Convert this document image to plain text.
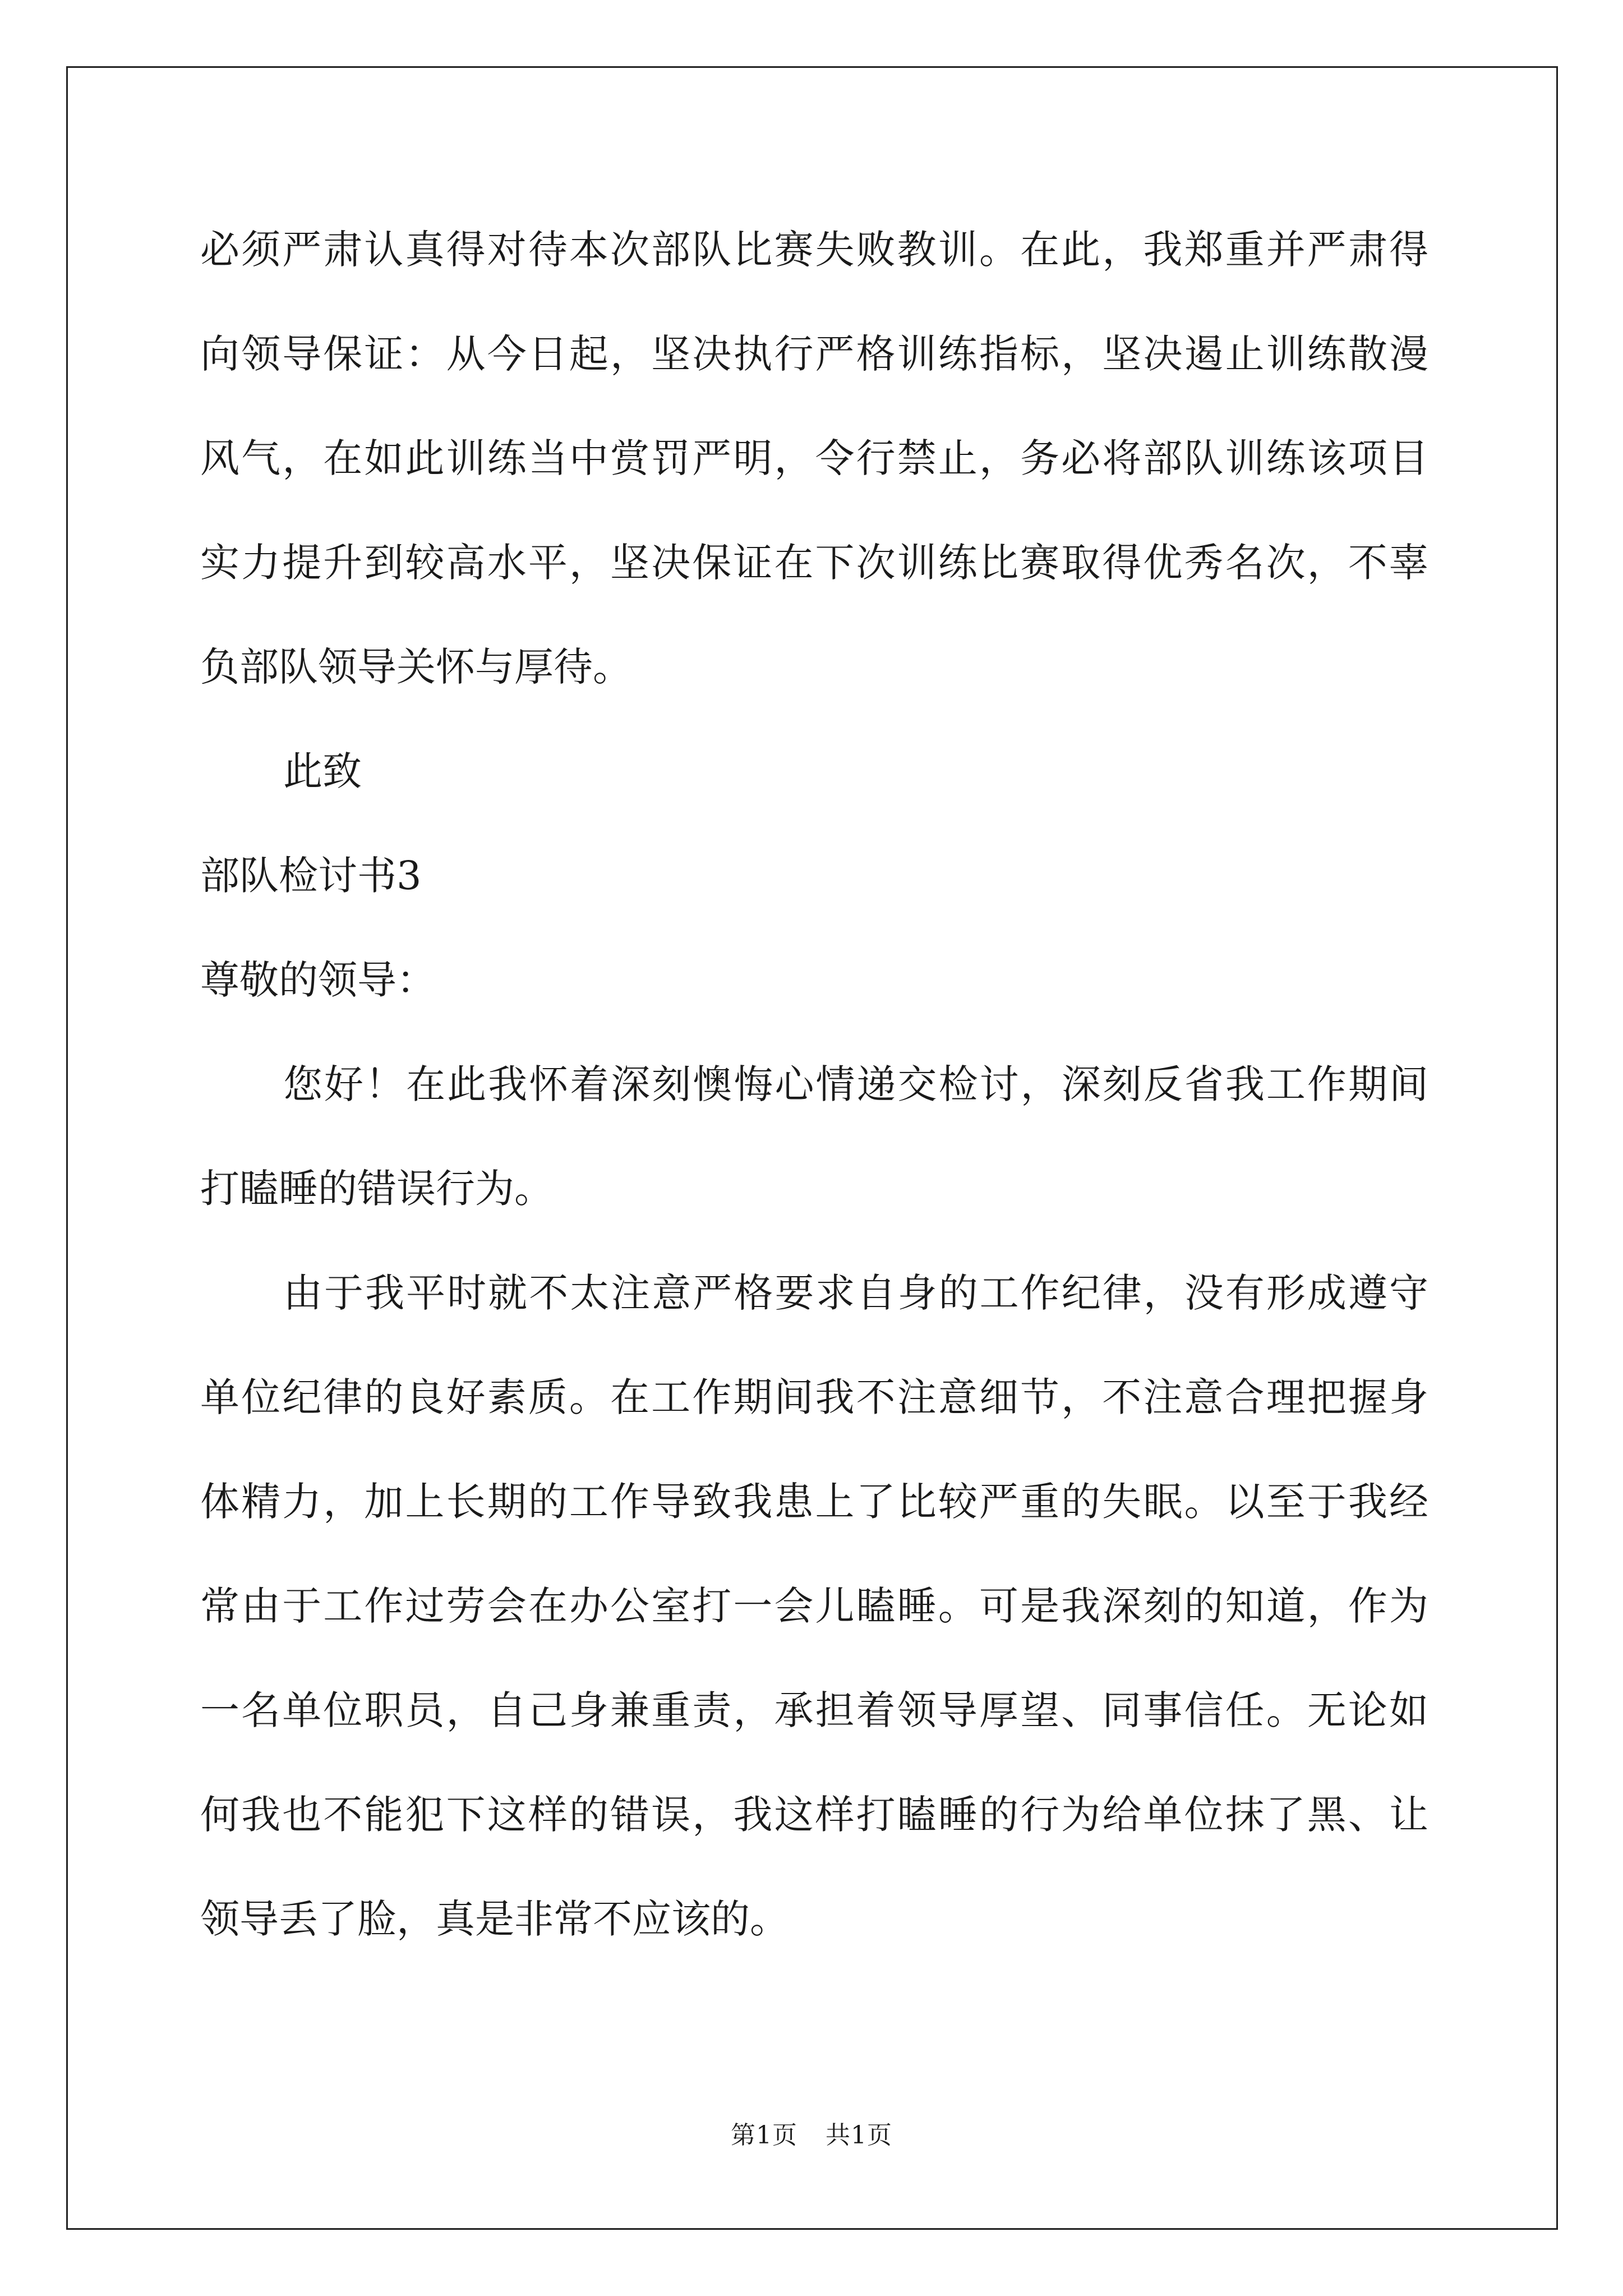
必须严肃认真得对待本次部队比赛失败教训。在此，我郑重并严肃得
向领导保证：从今日起，坚决执行严格训练指标，坚决遏止训练散漫
风气，在如此训练当中赏罚严明，令行禁止，务必将部队训练该项目
实力提升到较高水平，坚决保证在下次训练比赛取得优秀名次，不辜
负部队领导关怀与厚待。
此致
部队检讨书3
尊敬的领导：
您好！在此我怀着深刻懊悔心情递交检讨，深刻反省我工作期间
打瞌睡的错误行为。
由于我平时就不太注意严格要求自身的工作纪律，没有形成遵守
单位纪律的良好素质。在工作期间我不注意细节，不注意合理把握身
体精力，加上长期的工作导致我患上了比较严重的失眠。以至于我经
常由于工作过劳会在办公室打一会儿瞌睡。可是我深刻的知道，作为
一名单位职员，自己身兼重责，承担着领导厚望、同事信任。无论如
何我也不能犯下这样的错误，我这样打瞌睡的行为给单位抹了黑、让
领导丢了脸，真是非常不应该的。
第1页 共1页
